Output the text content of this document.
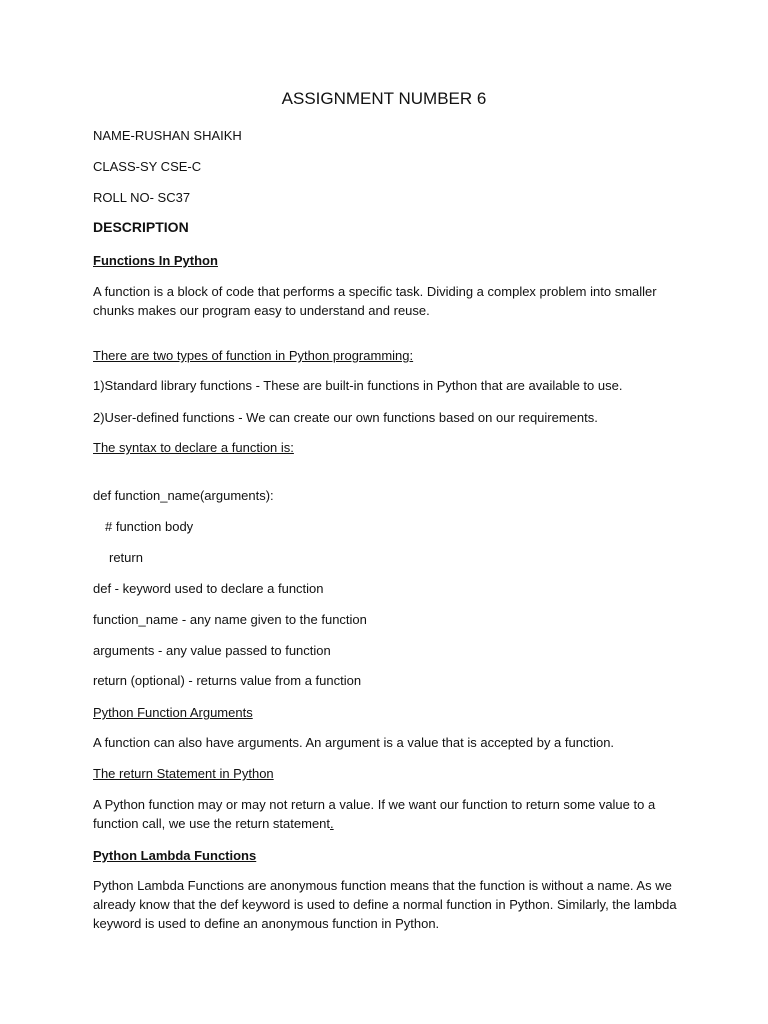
ASSIGNMENT NUMBER 6

NAME-RUSHAN SHAIKH

CLASS-SY CSE-C

ROLL NO- SC37

DESCRIPTION

Functions In Python

A function is a block of code that performs a specific task. Dividing a complex problem into smaller chunks makes our program easy to understand and reuse.

There are two types of function in Python programming:

1)Standard library functions - These are built-in functions in Python that are available to use.

2)User-defined functions - We can create our own functions based on our requirements.

The syntax to declare a function is:

def function_name(arguments):

# function body

return

def - keyword used to declare a function

function_name - any name given to the function

arguments - any value passed to function

return (optional) - returns value from a function

Python Function Arguments

A function can also have arguments. An argument is a value that is accepted by a function.

The return Statement in Python

A Python function may or may not return a value. If we want our function to return some value to a function call, we use the return statement.

Python Lambda Functions

Python Lambda Functions are anonymous function means that the function is without a name. As we already know that the def keyword is used to define a normal function in Python. Similarly, the lambda keyword is used to define an anonymous function in Python.
